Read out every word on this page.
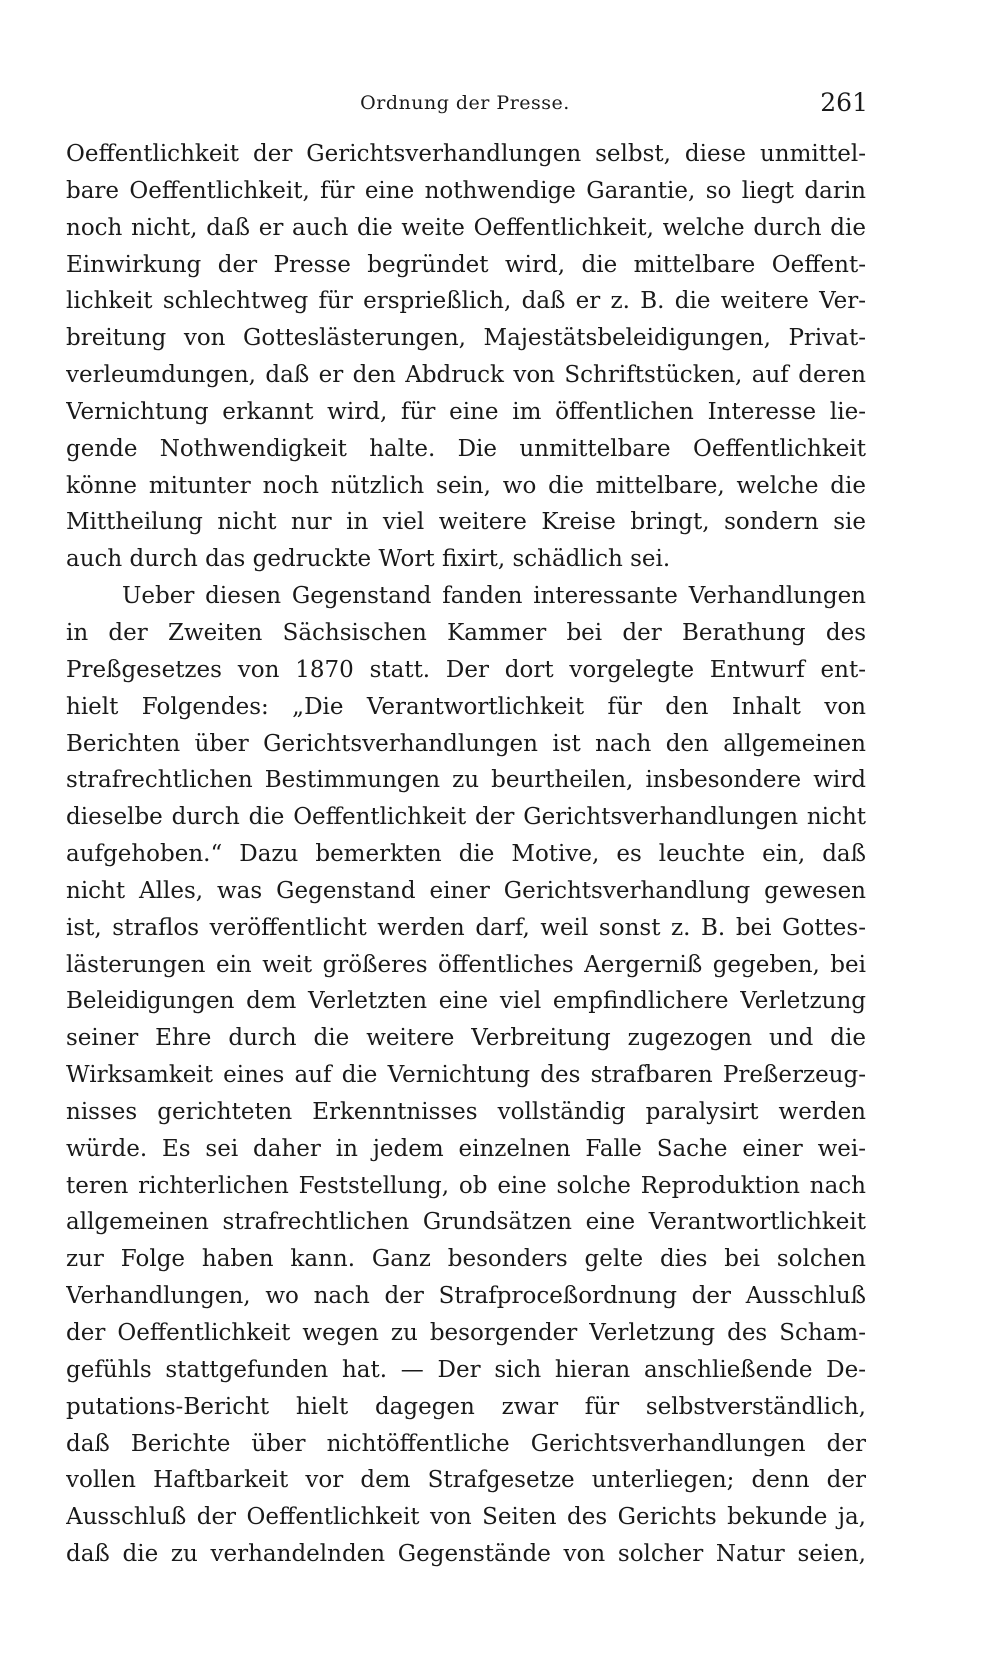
Ordnung der Presse.	261
Oeffentlichkeit der Gerichtsverhandlungen selbst, diese unmittel-
bare Oeffentlichkeit, für eine nothwendige Garantie, so liegt darin
noch nicht, daß er auch die weite Oeffentlichkeit, welche durch die
Einwirkung der Presse begründet wird, die mittelbare Oeffent-
lichkeit schlechtweg für ersprießlich, daß er z. B. die weitere Ver-
breitung von Gotteslästerungen, Majestätsbeleidigungen, Privat-
verleumdungen, daß er den Abdruck von Schriftstücken, auf deren
Vernichtung erkannt wird, für eine im öffentlichen Interesse lie-
gende Nothwendigkeit halte. Die unmittelbare Oeffentlichkeit
könne mitunter noch nützlich sein, wo die mittelbare, welche die
Mittheilung nicht nur in viel weitere Kreise bringt, sondern sie
auch durch das gedruckte Wort fixirt, schädlich sei.
Ueber diesen Gegenstand fanden interessante Verhandlungen
in der Zweiten Sächsischen Kammer bei der Berathung des
Preßgesetzes von 1870 statt. Der dort vorgelegte Entwurf ent-
hielt Folgendes: „Die Verantwortlichkeit für den Inhalt von
Berichten über Gerichtsverhandlungen ist nach den allgemeinen
strafrechtlichen Bestimmungen zu beurtheilen, insbesondere wird
dieselbe durch die Oeffentlichkeit der Gerichtsverhandlungen nicht
aufgehoben.“ Dazu bemerkten die Motive, es leuchte ein, daß
nicht Alles, was Gegenstand einer Gerichtsverhandlung gewesen
ist, straflos veröffentlicht werden darf, weil sonst z. B. bei Gottes-
lästerungen ein weit größeres öffentliches Aergerniß gegeben, bei
Beleidigungen dem Verletzten eine viel empfindlichere Verletzung
seiner Ehre durch die weitere Verbreitung zugezogen und die
Wirksamkeit eines auf die Vernichtung des strafbaren Preßerzeug-
nisses gerichteten Erkenntnisses vollständig paralysirt werden
würde. Es sei daher in jedem einzelnen Falle Sache einer wei-
teren richterlichen Feststellung, ob eine solche Reproduktion nach
allgemeinen strafrechtlichen Grundsätzen eine Verantwortlichkeit
zur Folge haben kann. Ganz besonders gelte dies bei solchen
Verhandlungen, wo nach der Strafproceßordnung der Ausschluß
der Oeffentlichkeit wegen zu besorgender Verletzung des Scham-
gefühls stattgefunden hat. — Der sich hieran anschließende De-
putations-Bericht hielt dagegen zwar für selbstverständlich,
daß Berichte über nichtöffentliche Gerichtsverhandlungen der
vollen Haftbarkeit vor dem Strafgesetze unterliegen; denn der
Ausschluß der Oeffentlichkeit von Seiten des Gerichts bekunde ja,
daß die zu verhandelnden Gegenstände von solcher Natur seien,
